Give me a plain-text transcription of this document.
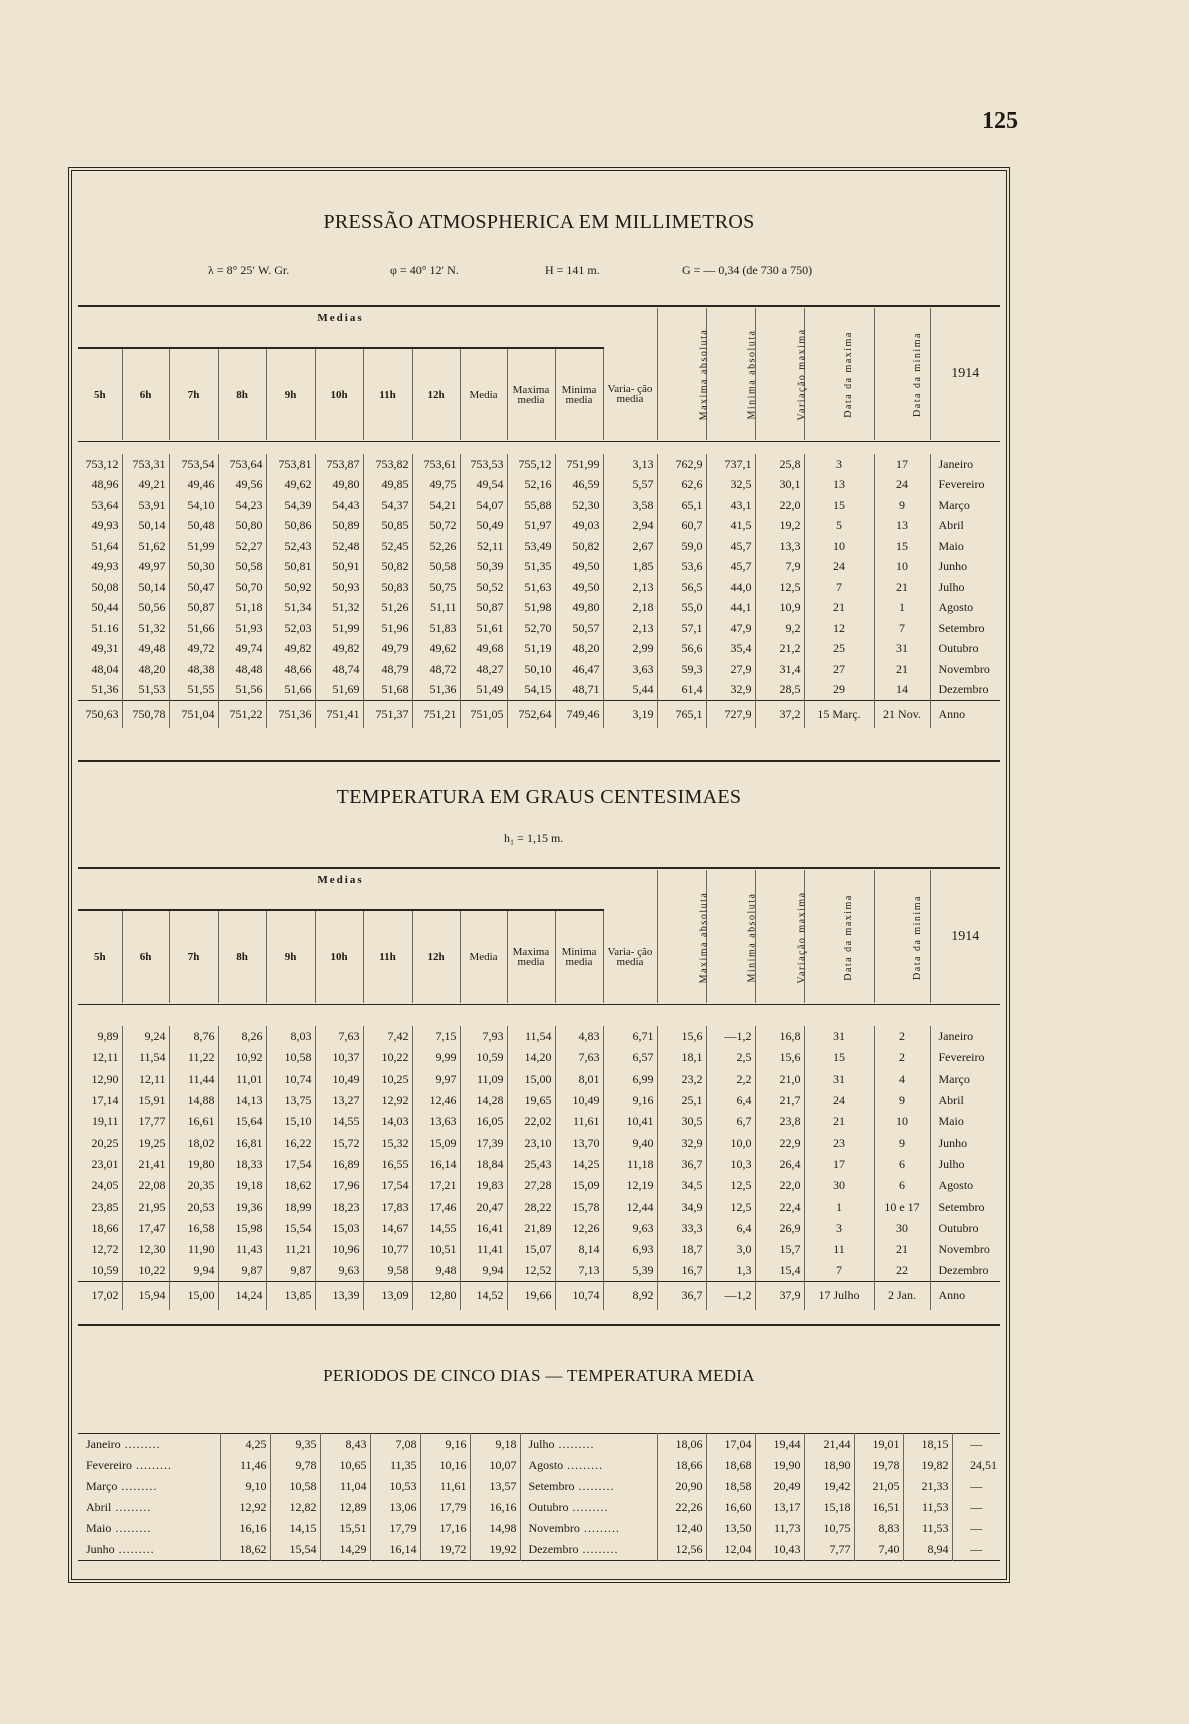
125
PRESSÃO ATMOSPHERICA EM MILLIMETROS
λ = 8° 25′ W. Gr.	φ = 40° 12′ N.	H = 141 m.	G = — 0,34 (de 730 a 750)
Medias												Maxima absoluta	Minima absoluta	Variação maxima	Data da maxima	Data da minima	1914
5h	6h	7h	8h	9h	10h	11h	12h	Media	Maxima media	Minima media	Varia- ção media						
753,12	753,31	753,54	753,64	753,81	753,87	753,82	753,61	753,53	755,12	751,99	3,13	762,9	737,1	25,8	3	17	Janeiro
48,96	49,21	49,46	49,56	49,62	49,80	49,85	49,75	49,54	52,16	46,59	5,57	62,6	32,5	30,1	13	24	Fevereiro
53,64	53,91	54,10	54,23	54,39	54,43	54,37	54,21	54,07	55,88	52,30	3,58	65,1	43,1	22,0	15	9	Março
49,93	50,14	50,48	50,80	50,86	50,89	50,85	50,72	50,49	51,97	49,03	2,94	60,7	41,5	19,2	5	13	Abril
51,64	51,62	51,99	52,27	52,43	52,48	52,45	52,26	52,11	53,49	50,82	2,67	59,0	45,7	13,3	10	15	Maio
49,93	49,97	50,30	50,58	50,81	50,91	50,82	50,58	50,39	51,35	49,50	1,85	53,6	45,7	7,9	24	10	Junho
50,08	50,14	50,47	50,70	50,92	50,93	50,83	50,75	50,52	51,63	49,50	2,13	56,5	44,0	12,5	7	21	Julho
50,44	50,56	50,87	51,18	51,34	51,32	51,26	51,11	50,87	51,98	49,80	2,18	55,0	44,1	10,9	21	1	Agosto
51.16	51,32	51,66	51,93	52,03	51,99	51,96	51,83	51,61	52,70	50,57	2,13	57,1	47,9	9,2	12	7	Setembro
49,31	49,48	49,72	49,74	49,82	49,82	49,79	49,62	49,68	51,19	48,20	2,99	56,6	35,4	21,2	25	31	Outubro
48,04	48,20	48,38	48,48	48,66	48,74	48,79	48,72	48,27	50,10	46,47	3,63	59,3	27,9	31,4	27	21	Novembro
51,36	51,53	51,55	51,56	51,66	51,69	51,68	51,36	51,49	54,15	48,71	5,44	61,4	32,9	28,5	29	14	Dezembro
750,63	750,78	751,04	751,22	751,36	751,41	751,37	751,21	751,05	752,64	749,46	3,19	765,1	727,9	37,2	15 Març.	21 Nov.	Anno
TEMPERATURA EM GRAUS CENTESIMAES
h₁ = 1,15 m.
Medias												Maxima absoluta	Minima absoluta	Variação maxima	Data da maxima	Data da minima	1914
5h	6h	7h	8h	9h	10h	11h	12h	Media	Maxima media	Minima media	Varia- ção media						
9,89	9,24	8,76	8,26	8,03	7,63	7,42	7,15	7,93	11,54	4,83	6,71	15,6	—1,2	16,8	31	2	Janeiro
12,11	11,54	11,22	10,92	10,58	10,37	10,22	9,99	10,59	14,20	7,63	6,57	18,1	2,5	15,6	15	2	Fevereiro
12,90	12,11	11,44	11,01	10,74	10,49	10,25	9,97	11,09	15,00	8,01	6,99	23,2	2,2	21,0	31	4	Março
17,14	15,91	14,88	14,13	13,75	13,27	12,92	12,46	14,28	19,65	10,49	9,16	25,1	6,4	21,7	24	9	Abril
19,11	17,77	16,61	15,64	15,10	14,55	14,03	13,63	16,05	22,02	11,61	10,41	30,5	6,7	23,8	21	10	Maio
20,25	19,25	18,02	16,81	16,22	15,72	15,32	15,09	17,39	23,10	13,70	9,40	32,9	10,0	22,9	23	9	Junho
23,01	21,41	19,80	18,33	17,54	16,89	16,55	16,14	18,84	25,43	14,25	11,18	36,7	10,3	26,4	17	6	Julho
24,05	22,08	20,35	19,18	18,62	17,96	17,54	17,21	19,83	27,28	15,09	12,19	34,5	12,5	22,0	30	6	Agosto
23,85	21,95	20,53	19,36	18,99	18,23	17,83	17,46	20,47	28,22	15,78	12,44	34,9	12,5	22,4	1	10 e 17	Setembro
18,66	17,47	16,58	15,98	15,54	15,03	14,67	14,55	16,41	21,89	12,26	9,63	33,3	6,4	26,9	3	30	Outubro
12,72	12,30	11,90	11,43	11,21	10,96	10,77	10,51	11,41	15,07	8,14	6,93	18,7	3,0	15,7	11	21	Novembro
10,59	10,22	9,94	9,87	9,87	9,63	9,58	9,48	9,94	12,52	7,13	5,39	16,7	1,3	15,4	7	22	Dezembro
17,02	15,94	15,00	14,24	13,85	13,39	13,09	12,80	14,52	19,66	10,74	8,92	36,7	—1,2	37,9	17 Julho	2 Jan.	Anno
PERIODOS DE CINCO DIAS — TEMPERATURA MEDIA
Janeiro .........	4,25	9,35	8,43	7,08	9,16	9,18	Julho .........	18,06	17,04	19,44	21,44	19,01	18,15	—
Fevereiro .........	11,46	9,78	10,65	11,35	10,16	10,07	Agosto .........	18,66	18,68	19,90	18,90	19,78	19,82	24,51
Março .........	9,10	10,58	11,04	10,53	11,61	13,57	Setembro .........	20,90	18,58	20,49	19,42	21,05	21,33	—
Abril .........	12,92	12,82	12,89	13,06	17,79	16,16	Outubro .........	22,26	16,60	13,17	15,18	16,51	11,53	—
Maio .........	16,16	14,15	15,51	17,79	17,16	14,98	Novembro .........	12,40	13,50	11,73	10,75	8,83	11,53	—
Junho .........	18,62	15,54	14,29	16,14	19,72	19,92	Dezembro .........	12,56	12,04	10,43	7,77	7,40	8,94	—
